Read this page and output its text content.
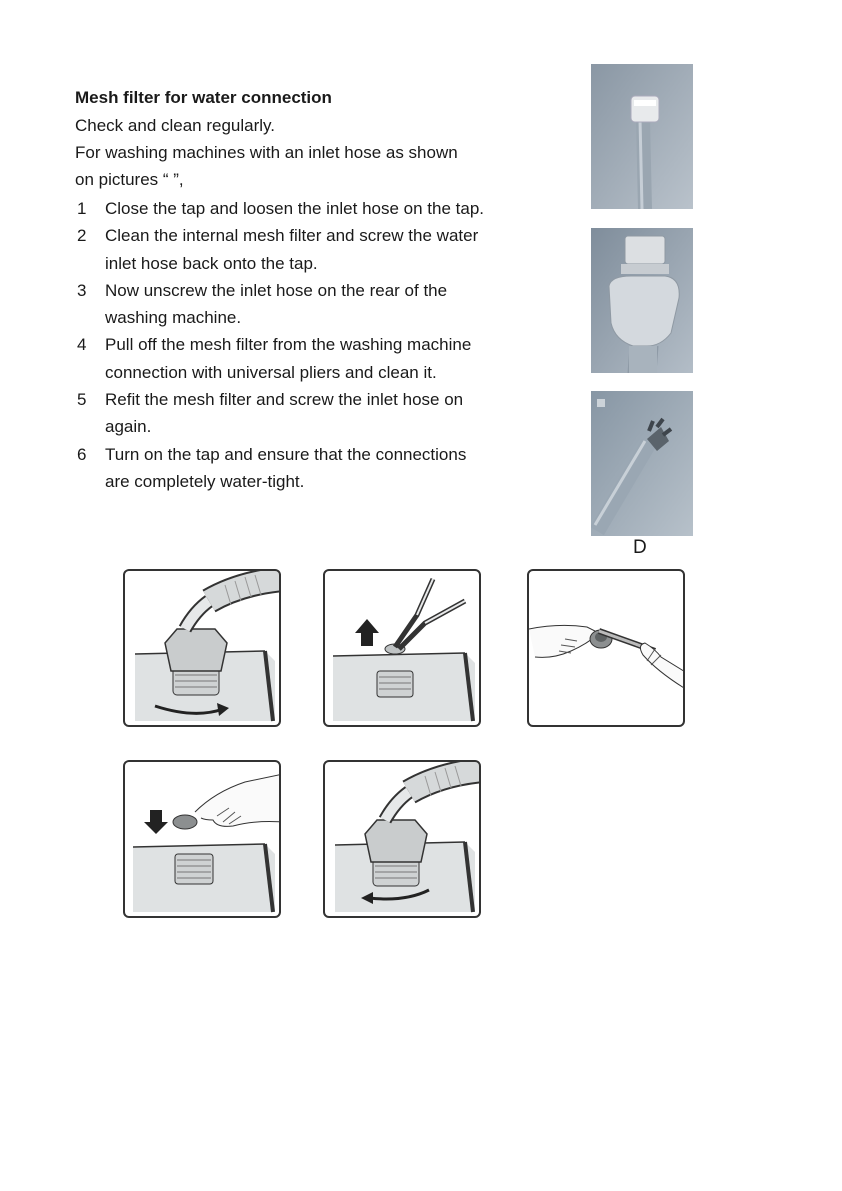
Mesh filter for water connection
Check and clean regularly.
For washing machines with an inlet hose as shown
on pictures “ ”,
1 Close the tap and loosen the inlet hose on the tap.
2 Clean the internal mesh filter and screw the water inlet hose back onto the tap.
3 Now unscrew the inlet hose on the rear of the washing machine.
4 Pull off the mesh filter from the washing machine connection with universal pliers and clean it.
5 Refit the mesh filter and screw the inlet hose on again.
6 Turn on the tap and ensure that the connections are completely water-tight.
D
